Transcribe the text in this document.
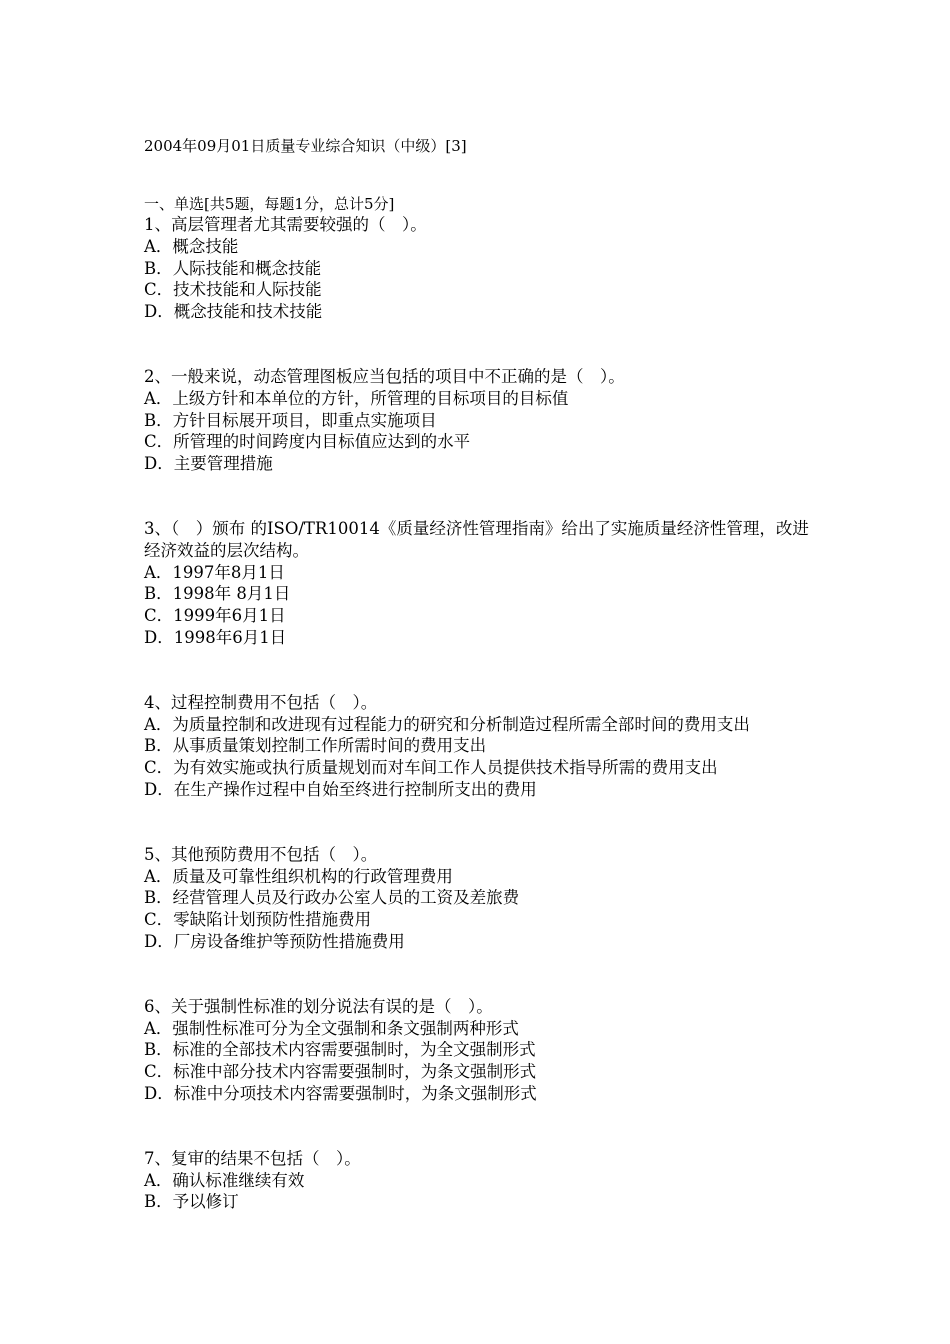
2004年09月01日质量专业综合知识（中级）[3]
一、单选[共5题，每题1分，总计5分]

1、高层管理者尤其需要较强的（　）。

A．概念技能

B．人际技能和概念技能

C．技术技能和人际技能

D．概念技能和技术技能

2、一般来说，动态管理图板应当包括的项目中不正确的是（　）。

A．上级方针和本单位的方针，所管理的目标项目的目标值

B．方针目标展开项目，即重点实施项目

C．所管理的时间跨度内目标值应达到的水平

D．主要管理措施

3、（　）颁布 的ISO/TR10014《质量经济性管理指南》给出了实施质量经济性管理，改进经济效益的层次结构。

A．1997年8月1日

B．1998年 8月1日

C．1999年6月1日

D．1998年6月1日

4、过程控制费用不包括（　）。

A．为质量控制和改进现有过程能力的研究和分析制造过程所需全部时间的费用支出

B．从事质量策划控制工作所需时间的费用支出

C．为有效实施或执行质量规划而对车间工作人员提供技术指导所需的费用支出

D．在生产操作过程中自始至终进行控制所支出的费用

5、其他预防费用不包括（　）。

A．质量及可靠性组织机构的行政管理费用

B．经营管理人员及行政办公室人员的工资及差旅费

C．零缺陷计划预防性措施费用

D．厂房设备维护等预防性措施费用

6、关于强制性标准的划分说法有误的是（　）。

A．强制性标准可分为全文强制和条文强制两种形式

B．标准的全部技术内容需要强制时，为全文强制形式

C．标准中部分技术内容需要强制时，为条文强制形式

D．标准中分项技术内容需要强制时，为条文强制形式

7、复审的结果不包括（　）。

A．确认标准继续有效

B．予以修订
